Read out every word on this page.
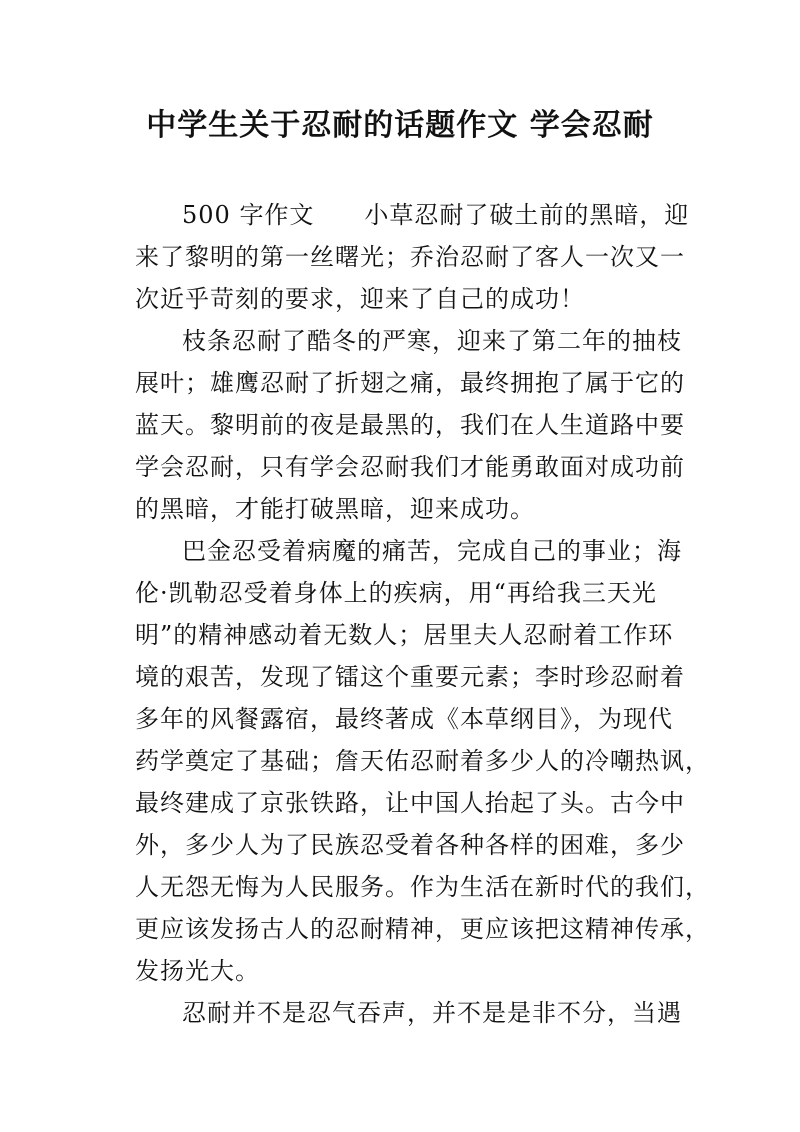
中学生关于忍耐的话题作文 学会忍耐
500 字作文　　小草忍耐了破土前的黑暗，迎
来了黎明的第一丝曙光；乔治忍耐了客人一次又一
次近乎苛刻的要求，迎来了自己的成功！
枝条忍耐了酷冬的严寒，迎来了第二年的抽枝
展叶；雄鹰忍耐了折翅之痛，最终拥抱了属于它的
蓝天。黎明前的夜是最黑的，我们在人生道路中要
学会忍耐，只有学会忍耐我们才能勇敢面对成功前
的黑暗，才能打破黑暗，迎来成功。
巴金忍受着病魔的痛苦，完成自己的事业；海
伦·凯勒忍受着身体上的疾病，用“再给我三天光
明”的精神感动着无数人；居里夫人忍耐着工作环
境的艰苦，发现了镭这个重要元素；李时珍忍耐着
多年的风餐露宿，最终著成《本草纲目》，为现代
药学奠定了基础；詹天佑忍耐着多少人的冷嘲热讽，
最终建成了京张铁路，让中国人抬起了头。古今中
外，多少人为了民族忍受着各种各样的困难，多少
人无怨无悔为人民服务。作为生活在新时代的我们，
更应该发扬古人的忍耐精神，更应该把这精神传承，
发扬光大。
忍耐并不是忍气吞声，并不是是非不分，当遇
